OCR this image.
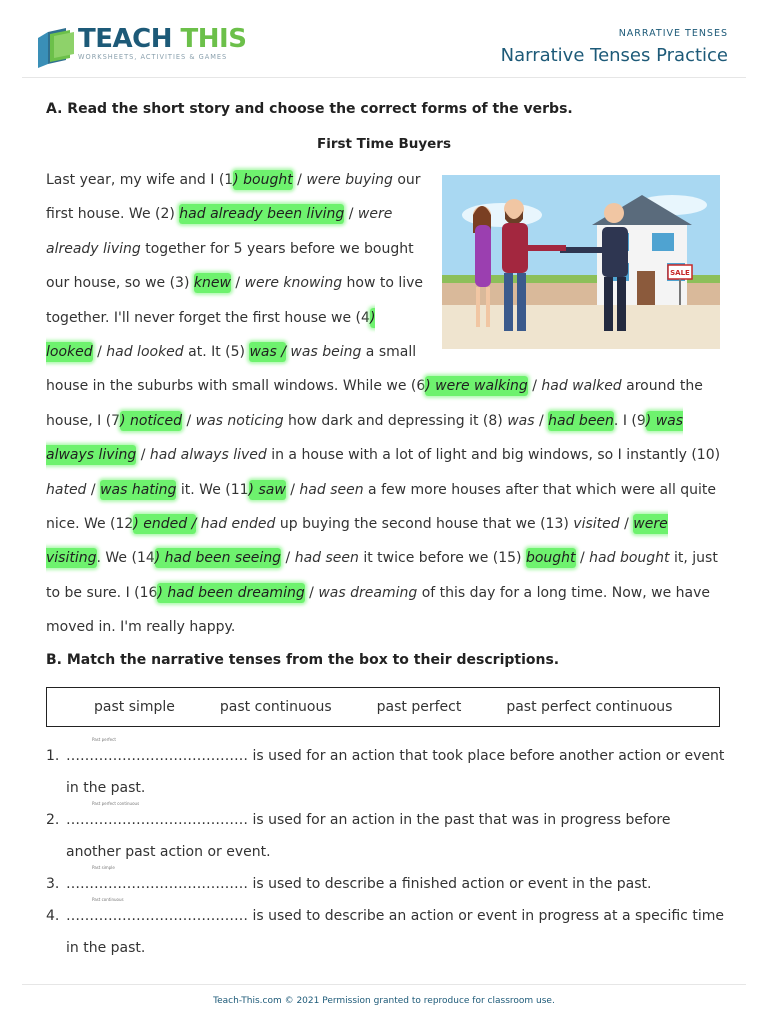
TEACH THIS
WORKSHEETS, ACTIVITIES & GAMES
NARRATIVE TENSES
Narrative Tenses Practice
A. Read the short story and choose the correct forms of the verbs.
First Time Buyers
SALE
Last year, my wife and I (1) bought / were buying our first house. We (2) had already been living / were already living together for 5 years before we bought our house, so we (3) knew / were knowing how to live together. I'll never forget the first house we (4) looked / had looked at. It (5) was / was being a small house in the suburbs with small windows. While we (6) were walking / had walked around the house, I (7) noticed / was noticing how dark and depressing it (8) was / had been. I (9) was always living / had always lived in a house with a lot of light and big windows, so I instantly (10) hated / was hating it. We (11) saw / had seen a few more houses after that which were all quite nice. We (12) ended / had ended up buying the second house that we (13) visited / were visiting. We (14) had been seeing / had seen it twice before we (15) bought / had bought it, just to be sure. I (16) had been dreaming / was dreaming of this day for a long time. Now, we have moved in. I'm really happy.
B. Match the narrative tenses from the box to their descriptions.
past simple	past continuous	past perfect	past perfect continuous
1. …………………………………
Past perfect
is used for an action that took place before another action or event in the past.
2. …………………………………
Past perfect continuous
is used for an action in the past that was in progress before another past action or event.
3. …………………………………
Past simple
is used to describe a finished action or event in the past.
4. …………………………………
Past continuous
is used to describe an action or event in progress at a specific time in the past.
Teach-This.com © 2021 Permission granted to reproduce for classroom use.
